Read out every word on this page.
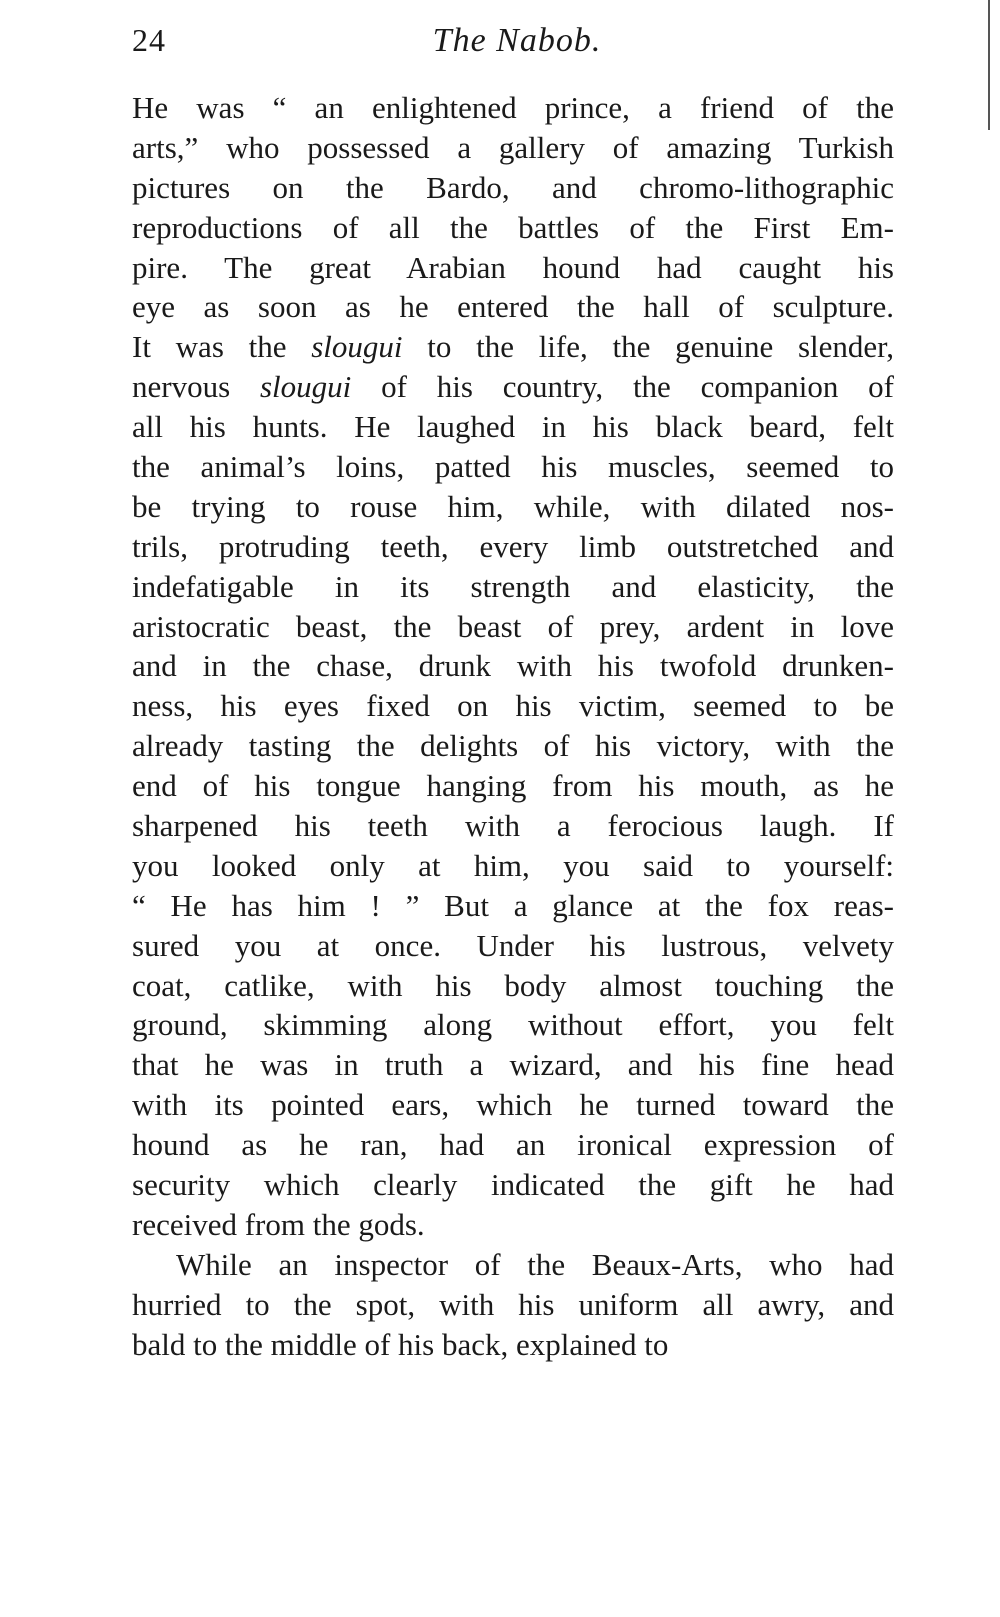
24	The Nabob.
He was “ an enlightened prince, a friend of the
arts,” who possessed a gallery of amazing Turkish
pictures on the Bardo, and chromo-lithographic
reproductions of all the battles of the First Em-
pire. The great Arabian hound had caught his
eye as soon as he entered the hall of sculpture.
It was the slougui to the life, the genuine slender,
nervous slougui of his country, the companion of
all his hunts. He laughed in his black beard, felt
the animal’s loins, patted his muscles, seemed to
be trying to rouse him, while, with dilated nos-
trils, protruding teeth, every limb outstretched and
indefatigable in its strength and elasticity, the
aristocratic beast, the beast of prey, ardent in love
and in the chase, drunk with his twofold drunken-
ness, his eyes fixed on his victim, seemed to be
already tasting the delights of his victory, with the
end of his tongue hanging from his mouth, as he
sharpened his teeth with a ferocious laugh. If
you looked only at him, you said to yourself:
“ He has him ! ” But a glance at the fox reas-
sured you at once. Under his lustrous, velvety
coat, catlike, with his body almost touching the
ground, skimming along without effort, you felt
that he was in truth a wizard, and his fine head
with its pointed ears, which he turned toward the
hound as he ran, had an ironical expression of
security which clearly indicated the gift he had
received from the gods.
While an inspector of the Beaux-Arts, who had
hurried to the spot, with his uniform all awry, and
bald to the middle of his back, explained to
